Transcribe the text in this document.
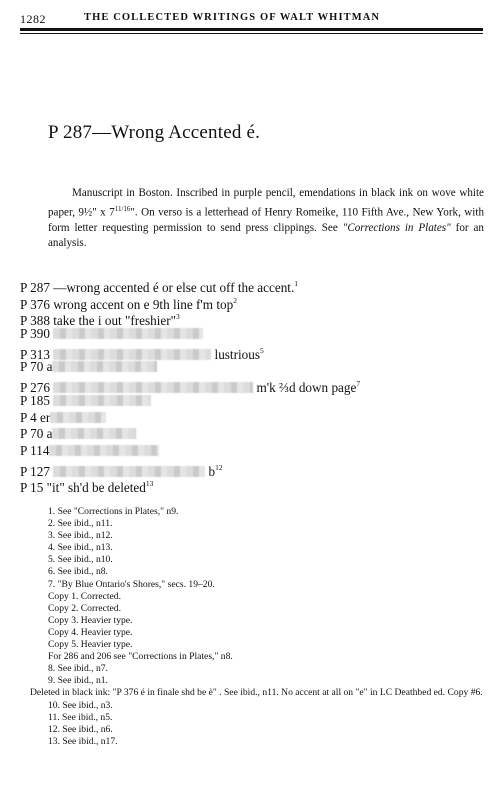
1282	THE COLLECTED WRITINGS OF WALT WHITMAN
P 287—Wrong Accented é.

Manuscript in Boston. Inscribed in purple pencil, emendations in black ink on wove white paper, 9½" x $7^{11/16}$". On verso is a letterhead of Henry Romeike, 110 Fifth Ave., New York, with form letter requesting permission to send press clippings. See "Corrections in Plates" for an analysis.

P 287 —wrong accented é or else cut off the accent.$^1$
P 376 wrong accent on e 9th line f'm top$^2$
P 388 take the i out "freshier"$^3$
P 390
P 313	lustrious$^5$
P 70 a
P 276	m'k ⅔d down page$^7$
P 185
P 4 er
P 70 a
P 114
P 127	$b^{12}$
P 15 "it" sh'd be deleted$^{13}$
1. See "Corrections in Plates," n9.
2. See ibid., n11.
3. See ibid., n12.
4. See ibid., n13.
5. See ibid., n10.
6. See ibid., n8.
7. "By Blue Ontario's Shores," secs. 19–20.
Copy 1. Corrected.
Copy 2. Corrected.
Copy 3. Heavier type.
Copy 4. Heavier type.
Copy 5. Heavier type.
For 286 and 206 see "Corrections in Plates," n8.
8. See ibid., n7.
9. See ibid., n1.
Deleted in black ink: "P 376 é in finale shd be è" . See ibid., n11. No accent at all on "e" in LC Deathbed ed. Copy #6.
10. See ibid., n3.
11. See ibid., n5.
12. See ibid., n6.
13. See ibid., n17.
